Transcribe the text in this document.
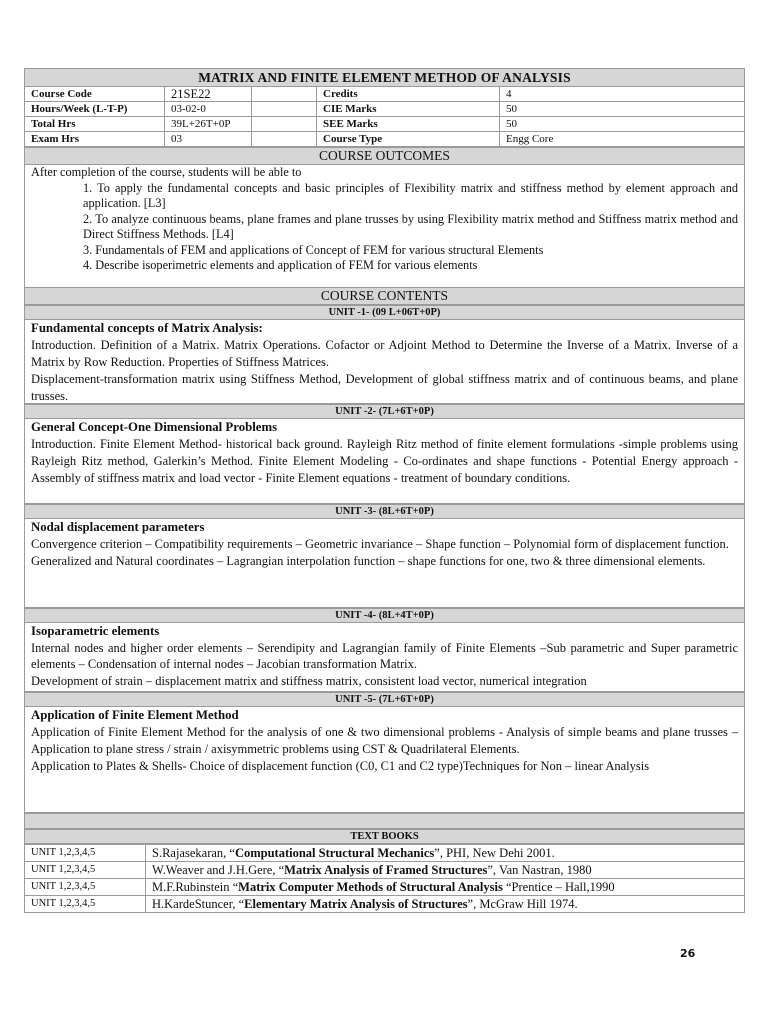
MATRIX AND FINITE ELEMENT METHOD OF ANALYSIS
Course Code	21SE22		Credits	4
Hours/Week (L-T-P)	03-02-0		CIE Marks	50
Total Hrs	39L+26T+0P		SEE Marks	50
Exam Hrs	03		Course Type	Engg Core
COURSE OUTCOMES
After completion of the course, students will be able to
1. To apply the fundamental concepts and basic principles of Flexibility matrix and stiffness method by element approach and application. [L3]
2. To analyze continuous beams, plane frames and plane trusses by using Flexibility matrix method and Stiffness matrix method and Direct Stiffness Methods. [L4]
3. Fundamentals of FEM and applications of Concept of FEM for various structural Elements
4. Describe isoperimetric elements and application of FEM for various elements
COURSE CONTENTS
UNIT -1- (09 L+06T+0P)
Fundamental concepts of Matrix Analysis:

Introduction. Definition of a Matrix. Matrix Operations. Cofactor or Adjoint Method to Determine the Inverse of a Matrix. Inverse of a Matrix by Row Reduction. Properties of Stiffness Matrices.

Displacement-transformation matrix using Stiffness Method, Development of global stiffness matrix and of continuous beams, and plane trusses.

UNIT -2- (7L+6T+0P)
General Concept-One Dimensional Problems

Introduction. Finite Element Method- historical back ground. Rayleigh Ritz method of finite element formulations -simple problems using Rayleigh Ritz method, Galerkin’s Method. Finite Element Modeling - Co-ordinates and shape functions - Potential Energy approach - Assembly of stiffness matrix and load vector - Finite Element equations - treatment of boundary conditions.

UNIT -3- (8L+6T+0P)
Nodal displacement parameters

Convergence criterion – Compatibility requirements – Geometric invariance – Shape function – Polynomial form of displacement function.

Generalized and Natural coordinates – Lagrangian interpolation function – shape functions for one, two & three dimensional elements.

UNIT -4- (8L+4T+0P)
Isoparametric elements

Internal nodes and higher order elements – Serendipity and Lagrangian family of Finite Elements –Sub parametric and Super parametric elements – Condensation of internal nodes – Jacobian transformation Matrix.

Development of strain – displacement matrix and stiffness matrix, consistent load vector, numerical integration

UNIT -5- (7L+6T+0P)
Application of Finite Element Method

Application of Finite Element Method for the analysis of one & two dimensional problems - Analysis of simple beams and plane trusses – Application to plane stress / strain / axisymmetric problems using CST & Quadrilateral Elements.

Application to Plates & Shells- Choice of displacement function (C0, C1 and C2 type)Techniques for Non – linear Analysis

TEXT BOOKS
UNIT 1,2,3,4,5	S.Rajasekaran, “Computational Structural Mechanics”, PHI, New Dehi 2001.
UNIT 1,2,3,4,5	W.Weaver and J.H.Gere, “Matrix Analysis of Framed Structures”, Van Nastran, 1980
UNIT 1,2,3,4,5	M.F.Rubinstein “Matrix Computer Methods of Structural Analysis “Prentice – Hall,1990
UNIT 1,2,3,4,5	H.KardeStuncer, “Elementary Matrix Analysis of Structures”, McGraw Hill 1974.
26
